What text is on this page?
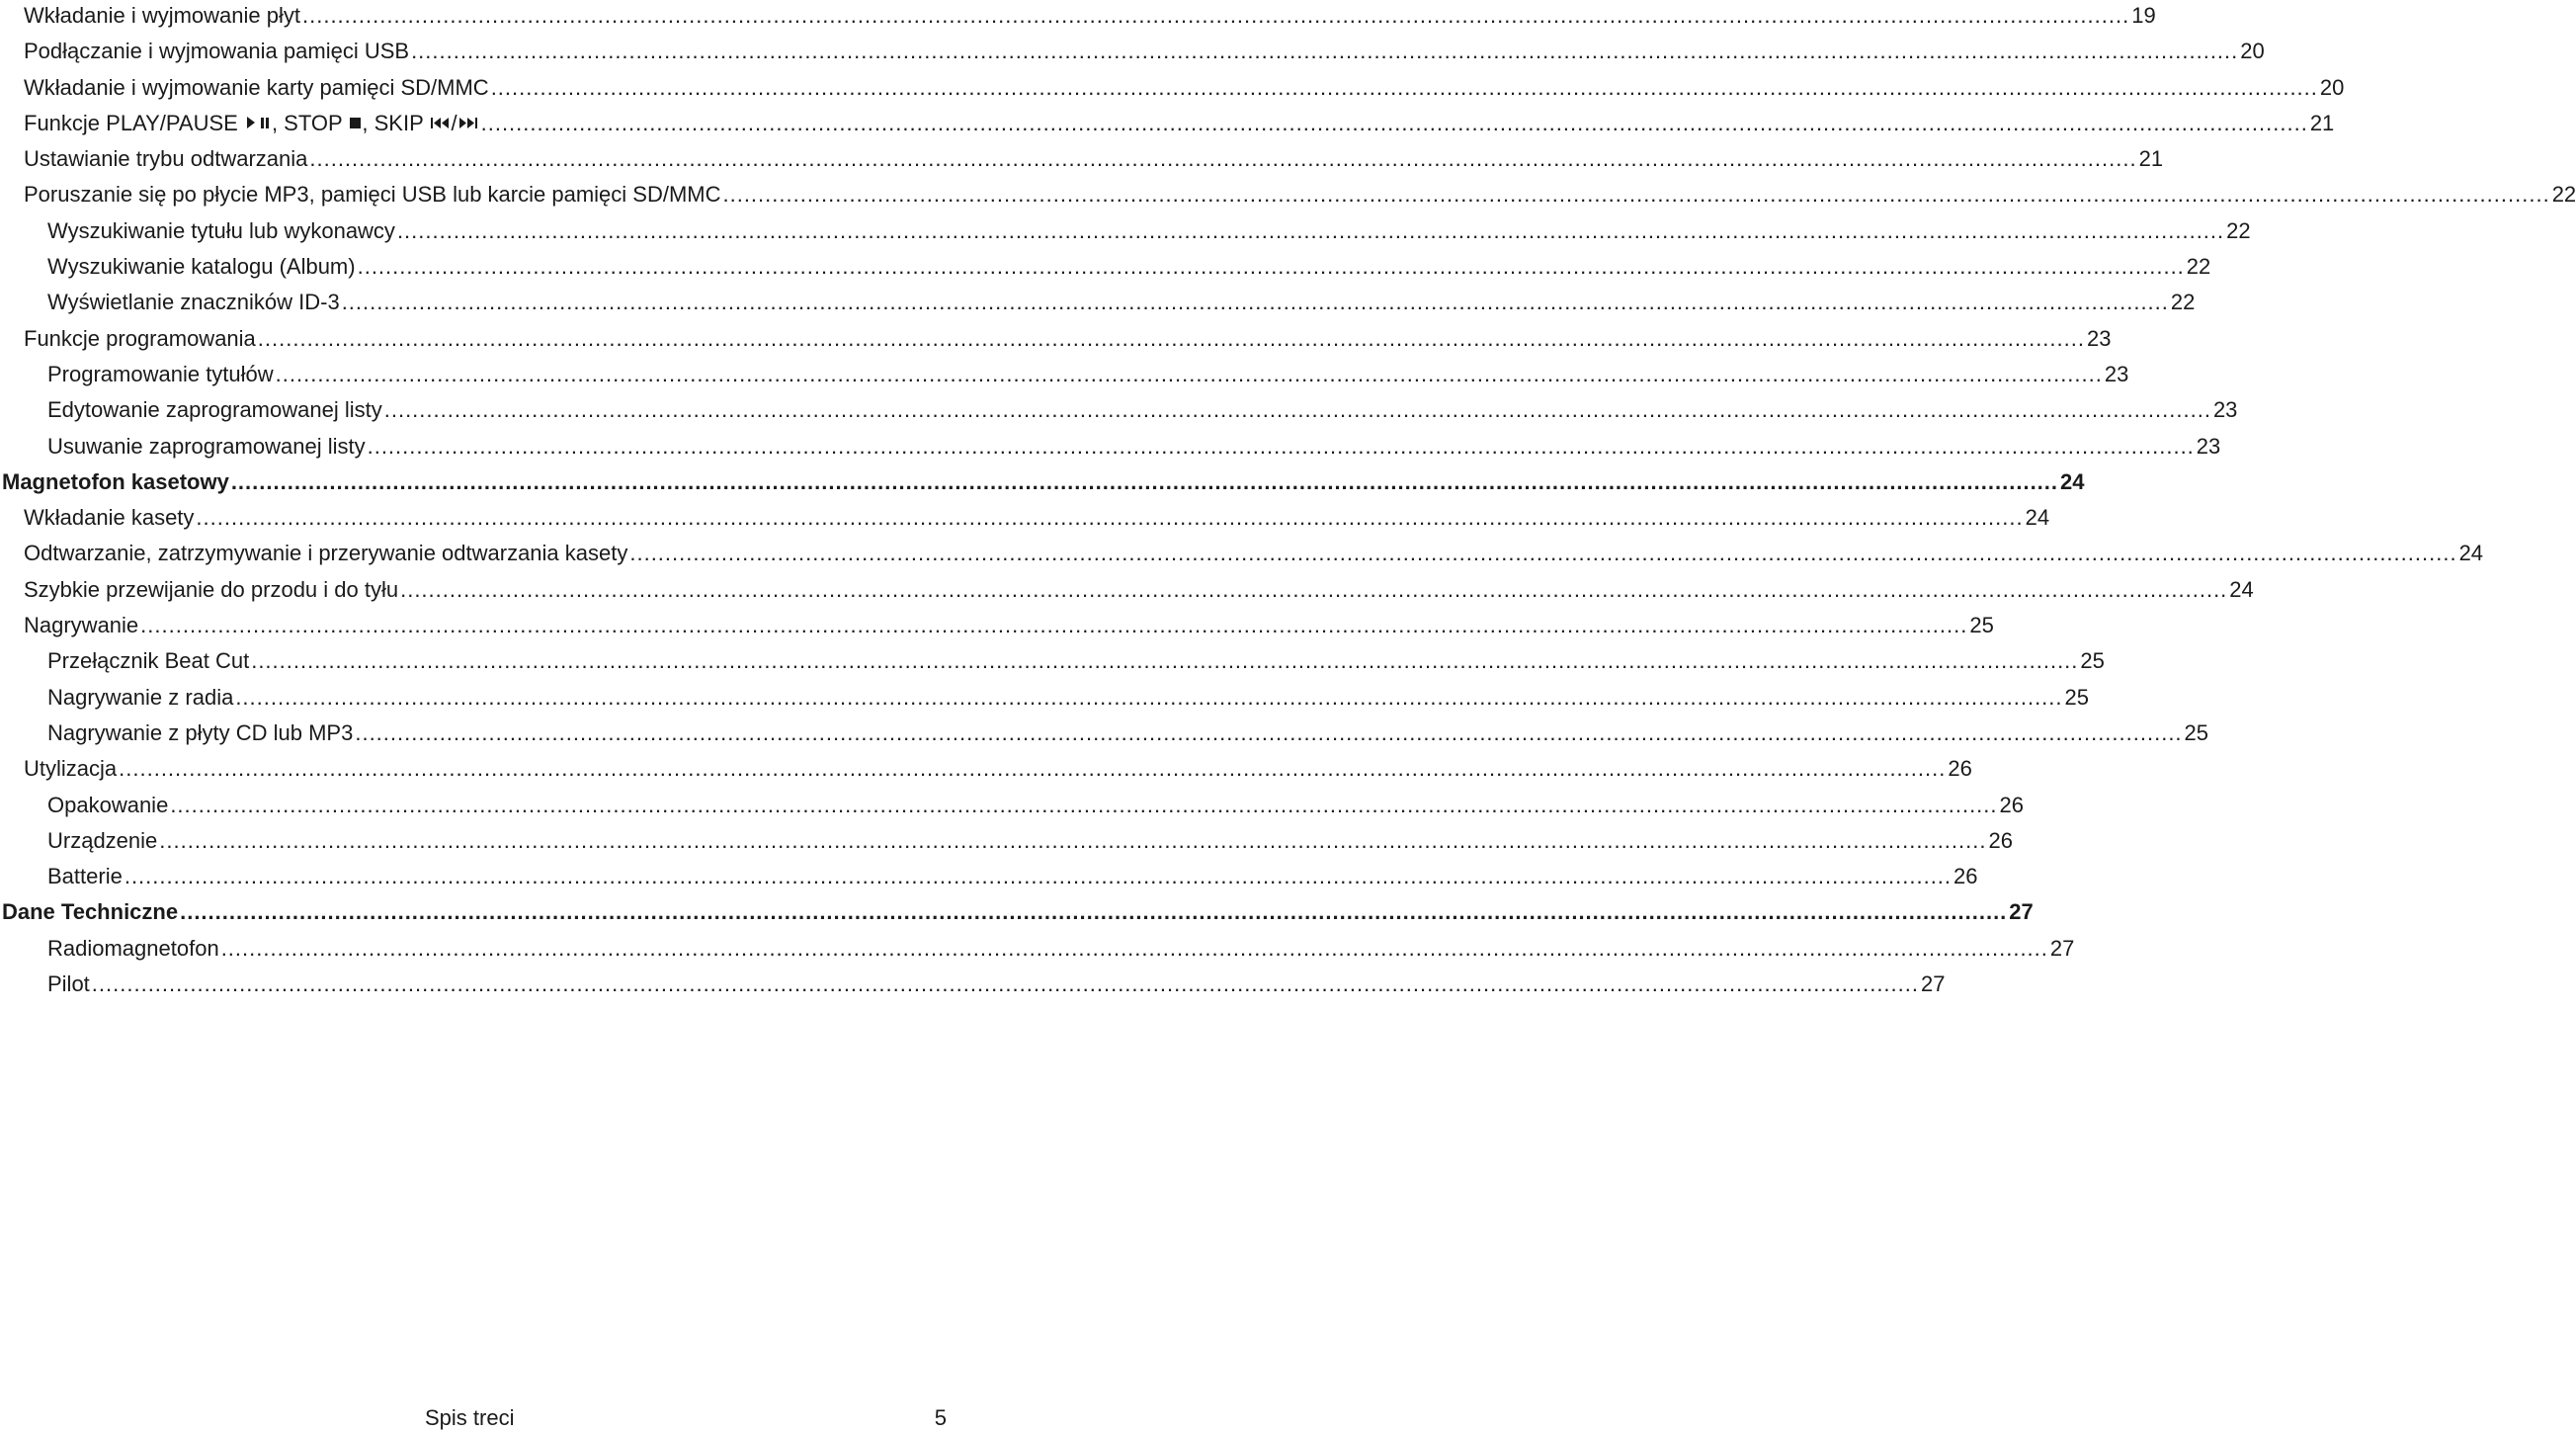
Wkładanie i wyjmowanie płyt .................................................................................................................................................................................................................................................................... 19
Podłączanie i wyjmowania pamięci USB .................................................................................................................................................................................................................................................................... 20
Wkładanie i wyjmowanie karty pamięci SD/MMC .................................................................................................................................................................................................................................................................... 20
Funkcje PLAY/PAUSE
, STOP
, SKIP
/	.................................................................................................................................................................................................................................................................... 21
Ustawianie trybu odtwarzania .................................................................................................................................................................................................................................................................... 21
Poruszanie się po płycie MP3, pamięci USB lub karcie pamięci SD/MMC .................................................................................................................................................................................................................................................................... 22
Wyszukiwanie tytułu lub wykonawcy .................................................................................................................................................................................................................................................................... 22
Wyszukiwanie katalogu (Album) .................................................................................................................................................................................................................................................................... 22
Wyświetlanie znaczników ID-3 .................................................................................................................................................................................................................................................................... 22
Funkcje programowania .................................................................................................................................................................................................................................................................... 23
Programowanie tytułów .................................................................................................................................................................................................................................................................... 23
Edytowanie zaprogramowanej listy .................................................................................................................................................................................................................................................................... 23
Usuwanie zaprogramowanej listy .................................................................................................................................................................................................................................................................... 23
Magnetofon kasetowy .................................................................................................................................................................................................................................................................... 24
Wkładanie kasety .................................................................................................................................................................................................................................................................... 24
Odtwarzanie, zatrzymywanie i przerywanie odtwarzania kasety .................................................................................................................................................................................................................................................................... 24
Szybkie przewijanie do przodu i do tyłu .................................................................................................................................................................................................................................................................... 24
Nagrywanie .................................................................................................................................................................................................................................................................... 25
Przełącznik Beat Cut .................................................................................................................................................................................................................................................................... 25
Nagrywanie z radia .................................................................................................................................................................................................................................................................... 25
Nagrywanie z płyty CD lub MP3 .................................................................................................................................................................................................................................................................... 25
Utylizacja .................................................................................................................................................................................................................................................................... 26
Opakowanie .................................................................................................................................................................................................................................................................... 26
Urządzenie .................................................................................................................................................................................................................................................................... 26
Batterie .................................................................................................................................................................................................................................................................... 26
Dane Techniczne .................................................................................................................................................................................................................................................................... 27
Radiomagnetofon .................................................................................................................................................................................................................................................................... 27
Pilot .................................................................................................................................................................................................................................................................... 27
Spis treci	5
